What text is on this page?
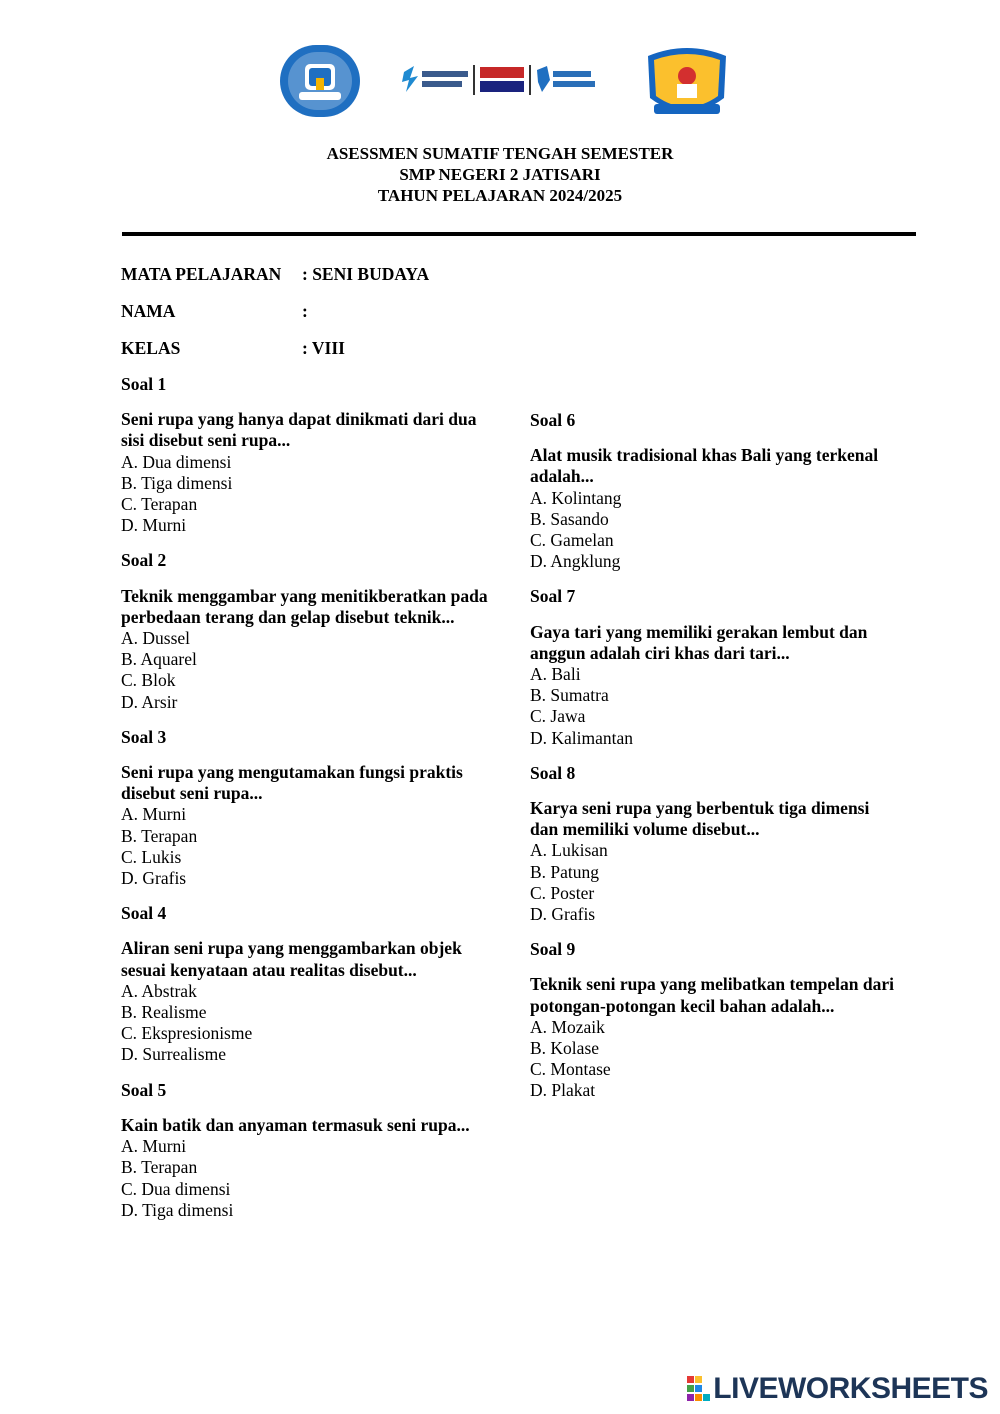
ASESSMEN SUMATIF TENGAH SEMESTER
SMP NEGERI 2 JATISARI
TAHUN PELAJARAN 2024/2025
MATA PELAJARAN : SENI BUDAYA
NAMA	:
KELAS	: VIII
Soal 1
Seni rupa yang hanya dapat dinikmati dari dua sisi disebut seni rupa...
A. Dua dimensi
B. Tiga dimensi
C. Terapan
D. Murni
Soal 2
Teknik menggambar yang menitikberatkan pada perbedaan terang dan gelap disebut teknik...
A. Dussel
B. Aquarel
C. Blok
D. Arsir
Soal 3
Seni rupa yang mengutamakan fungsi praktis disebut seni rupa...
A. Murni
B. Terapan
C. Lukis
D. Grafis
Soal 4
Aliran seni rupa yang menggambarkan objek sesuai kenyataan atau realitas disebut...
A. Abstrak
B. Realisme
C. Ekspresionisme
D. Surrealisme
Soal 5
Kain batik dan anyaman termasuk seni rupa...
A. Murni
B. Terapan
C. Dua dimensi
D. Tiga dimensi
Soal 6
Alat musik tradisional khas Bali yang terkenal adalah...
A. Kolintang
B. Sasando
C. Gamelan
D. Angklung
Soal 7
Gaya tari yang memiliki gerakan lembut dan anggun adalah ciri khas dari tari...
A. Bali
B. Sumatra
C. Jawa
D. Kalimantan
Soal 8
Karya seni rupa yang berbentuk tiga dimensi dan memiliki volume disebut...
A. Lukisan
B. Patung
C. Poster
D. Grafis
Soal 9
Teknik seni rupa yang melibatkan tempelan dari potongan-potongan kecil bahan adalah...
A. Mozaik
B. Kolase
C. Montase
D. Plakat
LIVEWORKSHEETS
